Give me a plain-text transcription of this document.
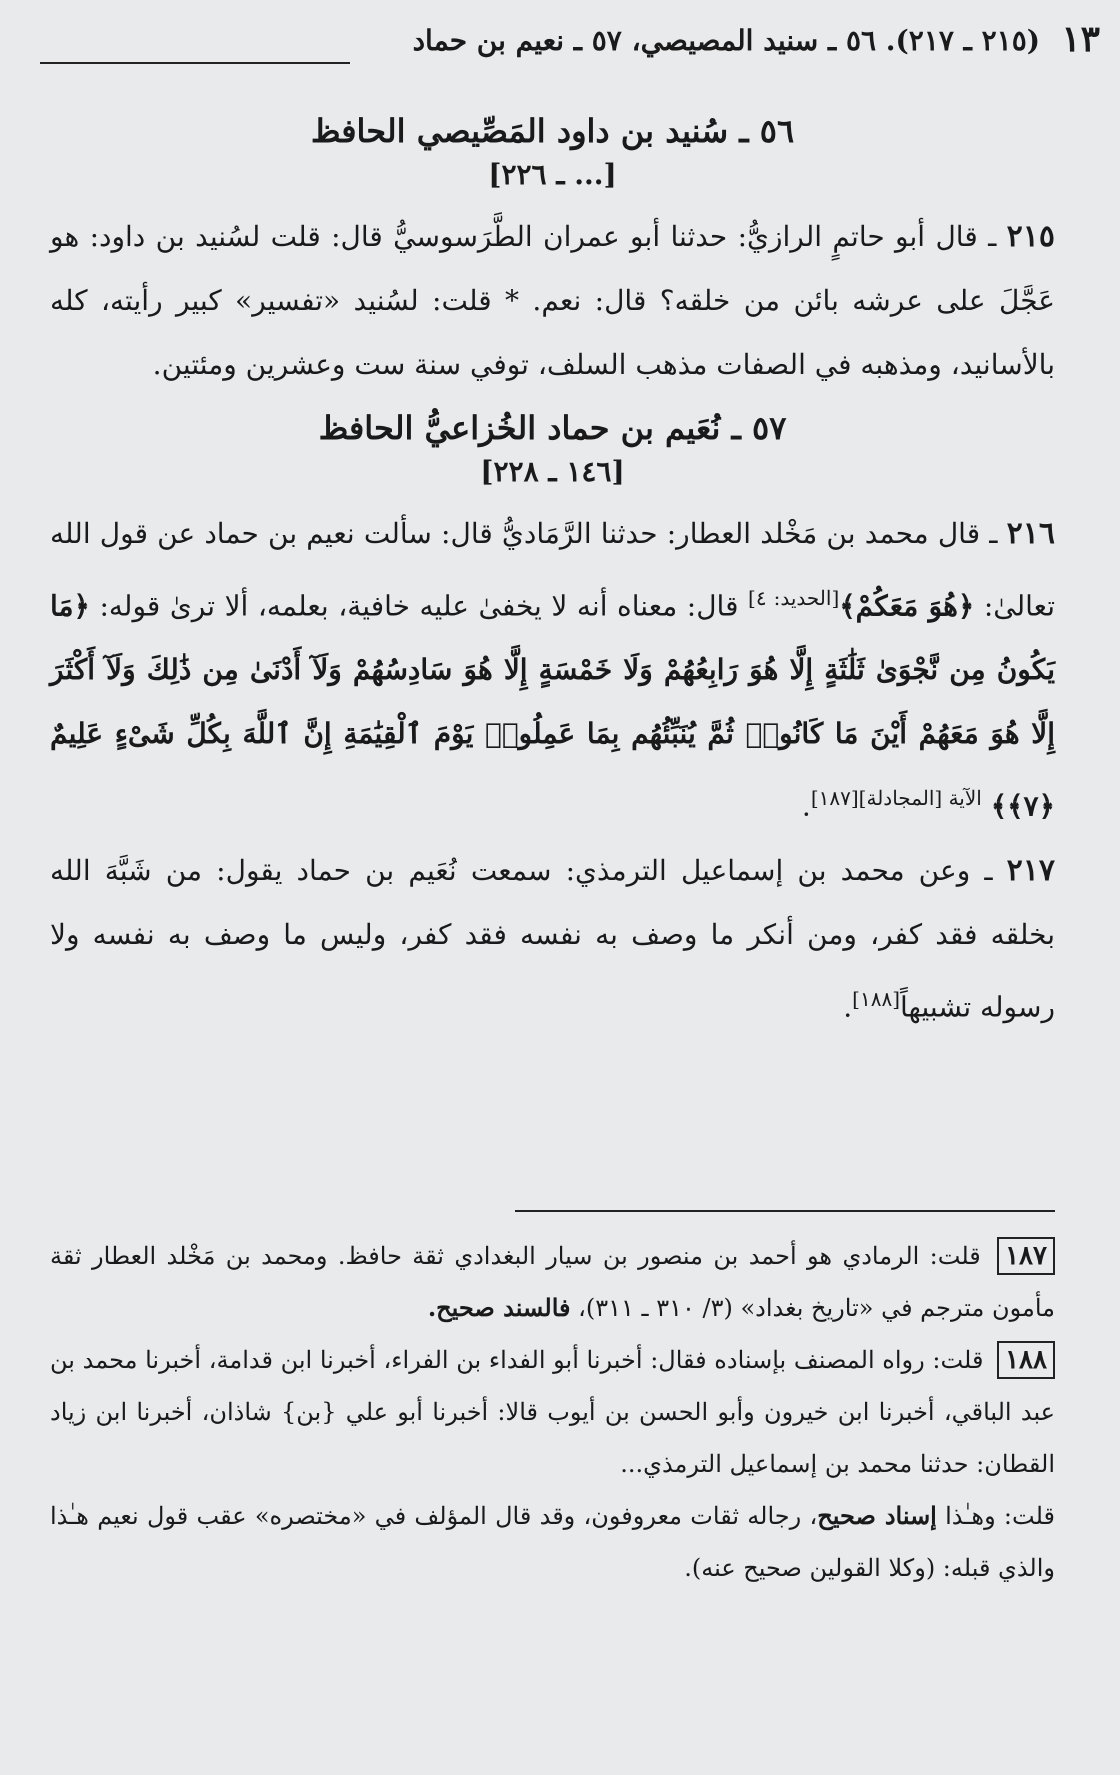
١٣
(٢١٥ ـ ٢١٧). ٥٦ ـ سنيد المصيصي، ٥٧ ـ نعيم بن حماد
٥٦ ـ سُنيد بن داود المَصِّيصي الحافظ
[... ـ ٢٢٦]

٢١٥ ـ قال أبو حاتمٍ الرازيُّ: حدثنا أبو عمران الطَّرَسوسيُّ قال: قلت لسُنيد بن داود: هو عَجَّلَ على عرشه بائن من خلقه؟ قال: نعم. * قلت: لسُنيد «تفسير» كبير رأيته، كله بالأسانيد، ومذهبه في الصفات مذهب السلف، توفي سنة ست وعشرين ومئتين.

٥٧ ـ نُعَيم بن حماد الخُزاعيُّ الحافظ
[١٤٦ ـ ٢٢٨]

٢١٦ ـ قال محمد بن مَخْلد العطار: حدثنا الرَّمَاديُّ قال: سألت نعيم بن حماد عن قول الله تعالىٰ: ﴿هُوَ مَعَكُمْ﴾[الحديد: ٤] قال: معناه أنه لا يخفىٰ عليه خافية، بعلمه، ألا ترىٰ قوله: ﴿مَا يَكُونُ مِن نَّجْوَىٰ ثَلَٰثَةٍ إِلَّا هُوَ رَابِعُهُمْ وَلَا خَمْسَةٍ إِلَّا هُوَ سَادِسُهُمْ وَلَآ أَدْنَىٰ مِن ذَٰلِكَ وَلَآ أَكْثَرَ إِلَّا هُوَ مَعَهُمْ أَيْنَ مَا كَانُوا۟ ثُمَّ يُنَبِّئُهُم بِمَا عَمِلُوا۟ يَوْمَ ٱلْقِيَٰمَةِ إِنَّ ٱللَّهَ بِكُلِّ شَىْءٍ عَلِيمٌ ﴿٧﴾﴾ $^{الآية [المجادلة][١٨٧]}$.

٢١٧ ـ وعن محمد بن إسماعيل الترمذي: سمعت نُعَيم بن حماد يقول: من شَبَّهَ الله بخلقه فقد كفر، ومن أنكر ما وصف به نفسه فقد كفر، وليس ما وصف به نفسه ولا رسوله تشبيهاً[١٨٨].

١٨٧ قلت: الرمادي هو أحمد بن منصور بن سيار البغدادي ثقة حافظ. ومحمد بن مَخْلد العطار ثقة مأمون مترجم في «تاريخ بغداد» (٣/ ٣١٠ ـ ٣١١)، فالسند صحيح.

١٨٨ قلت: رواه المصنف بإسناده فقال: أخبرنا أبو الفداء بن الفراء، أخبرنا ابن قدامة، أخبرنا محمد بن عبد الباقي، أخبرنا ابن خيرون وأبو الحسن بن أيوب قالا: أخبرنا أبو علي {بن} شاذان، أخبرنا ابن زياد القطان: حدثنا محمد بن إسماعيل الترمذي...

قلت: وهـٰذا إسناد صحيح، رجاله ثقات معروفون، وقد قال المؤلف في «مختصره» عقب قول نعيم هـٰذا والذي قبله: (وكلا القولين صحيح عنه).
